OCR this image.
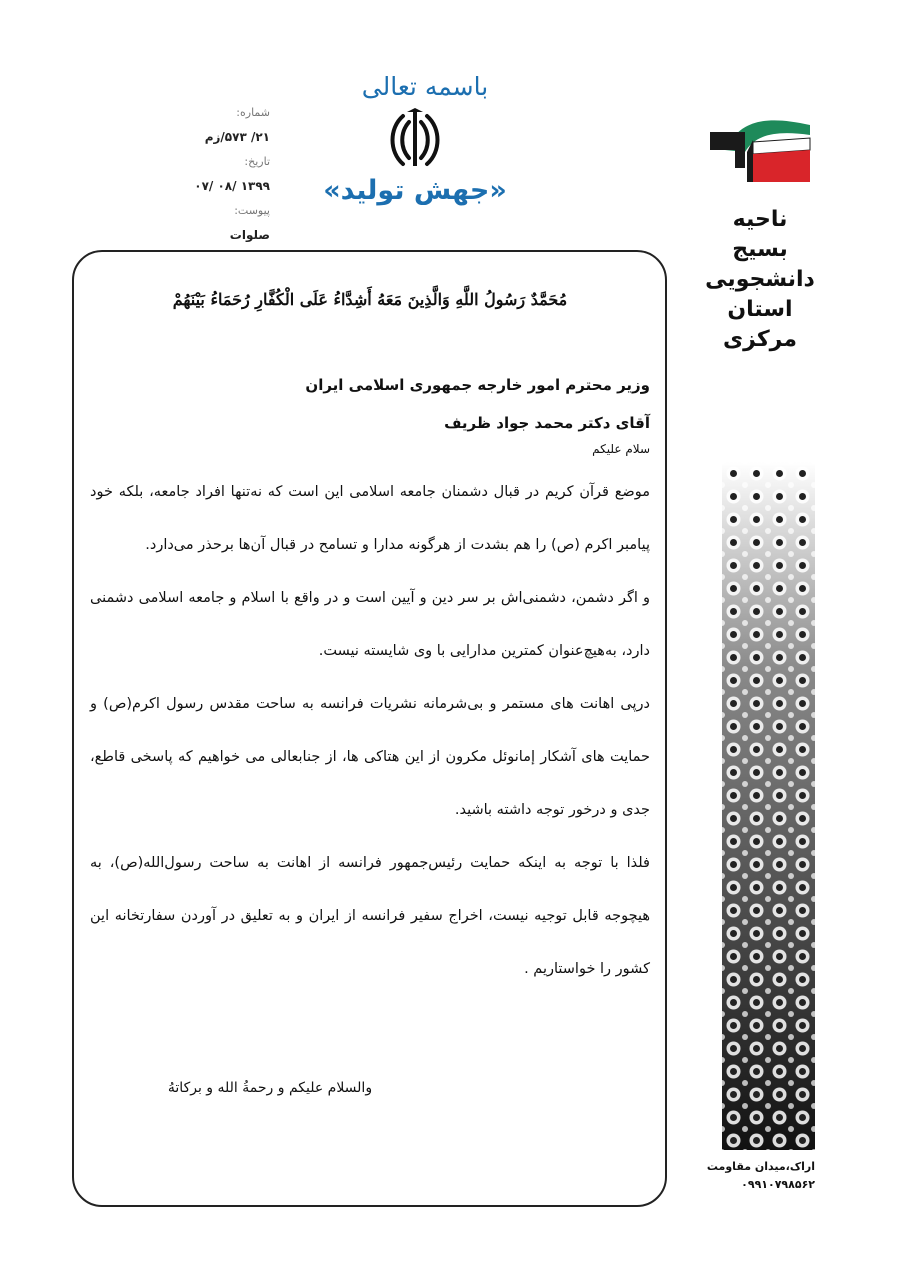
باسمه تعالی
«جهش تولید»
شماره:۲۱/ ۵۷۳/زم
تاریخ:۱۳۹۹ /۰۸ /۰۷
پیوست:صلوات
ناحیه بسیج
دانشجویی
استان
مرکزی
اراک،میدان مقاومت
۰۹۹۱۰۷۹۸۵۶۲
مُحَمَّدٌ رَسُولُ اللَّهِ وَالَّذِینَ مَعَهُ أَشِدَّاءُ عَلَى الْكُفَّارِ رُحَمَاءُ بَيْنَهُمْ
وزیر محترم امور خارجه جمهوری اسلامی ایران
آقای دکتر محمد جواد ظریف
سلام علیکم

موضع قرآن کریم در قبال دشمنان جامعه اسلامی این است که نه‌تنها افراد جامعه، بلکه خود پیامبر اکرم (ص) را هم بشدت از هرگونه مدارا و تسامح در قبال آن‌ها برحذر می‌دارد.

و اگر دشمن، دشمنی‌اش بر سر دین و آیین است و در واقع با اسلام و جامعه اسلامی دشمنی دارد، به‌هیچ‌عنوان کمترین مدارایی با وی شایسته نیست.

درپی اهانت های مستمر و بی‌شرمانه نشریات فرانسه به ساحت مقدس رسول اکرم(ص) و حمایت های آشکار إمانوئل مکرون از این هتاکی ها، از جنابعالی می خواهیم که پاسخی قاطع، جدی و درخور توجه داشته باشید.

فلذا با توجه به اینکه حمایت رئیس‌جمهور فرانسه از اهانت به ساحت رسول‌الله(ص)، به هیچوجه قابل توجیه نیست، اخراج سفیر فرانسه از ایران و به تعلیق در آوردن سفارتخانه این کشور را خواستاریم .

والسلام علیکم و رحمةُ الله و برکاتهُ
